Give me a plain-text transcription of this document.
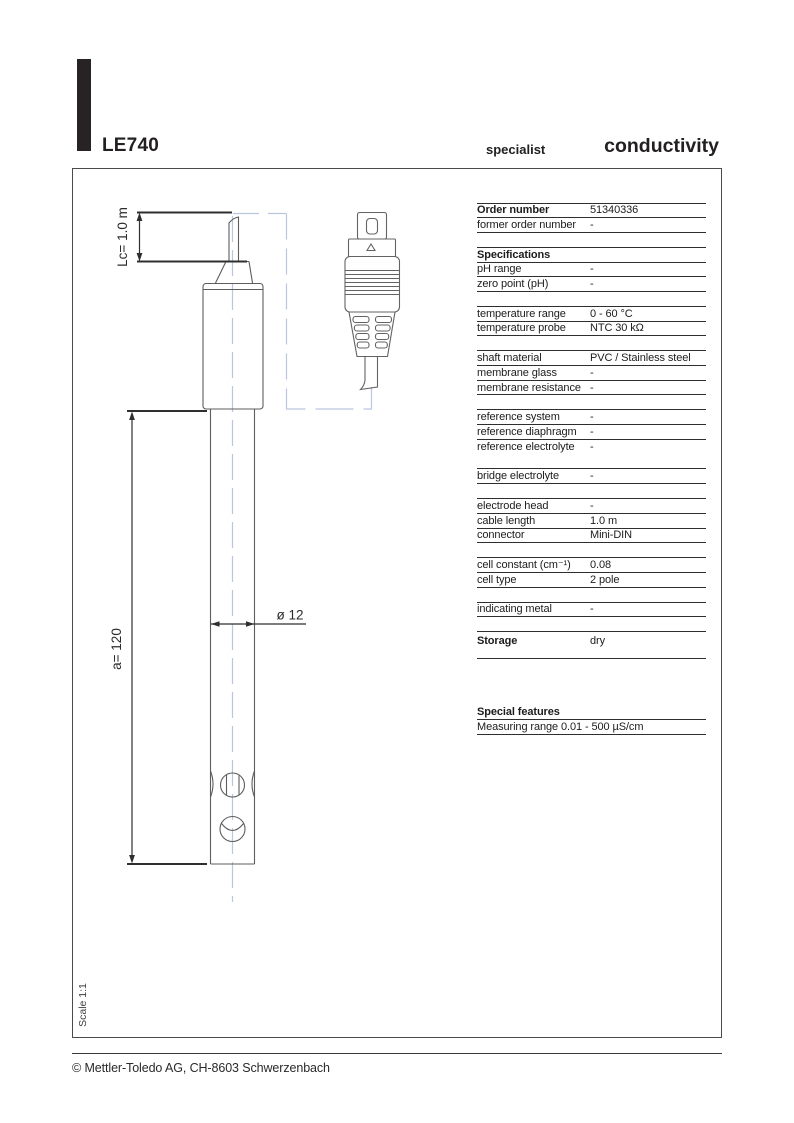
LE740	specialist	conductivity
Lc= 1.0 m
a= 120
ø 12
Scale 1:1
Order number	51340336
former order number	-
Specifications
pH range	-
zero point (pH)	-
temperature range	0 - 60 °C
temperature probe	NTC 30 kΩ
shaft material	PVC / Stainless steel
membrane glass	-
membrane resistance -
reference system	-
reference diaphragm	-
reference electrolyte	-
bridge electrolyte	-
electrode head	-
cable length	1.0 m
connector	Mini-DIN
cell constant (cm⁻¹)	0.08
cell type	2 pole
indicating metal	-
Storage	dry
Special features
Measuring range 0.01 - 500 µS/cm
© Mettler-Toledo AG, CH-8603 Schwerzenbach
